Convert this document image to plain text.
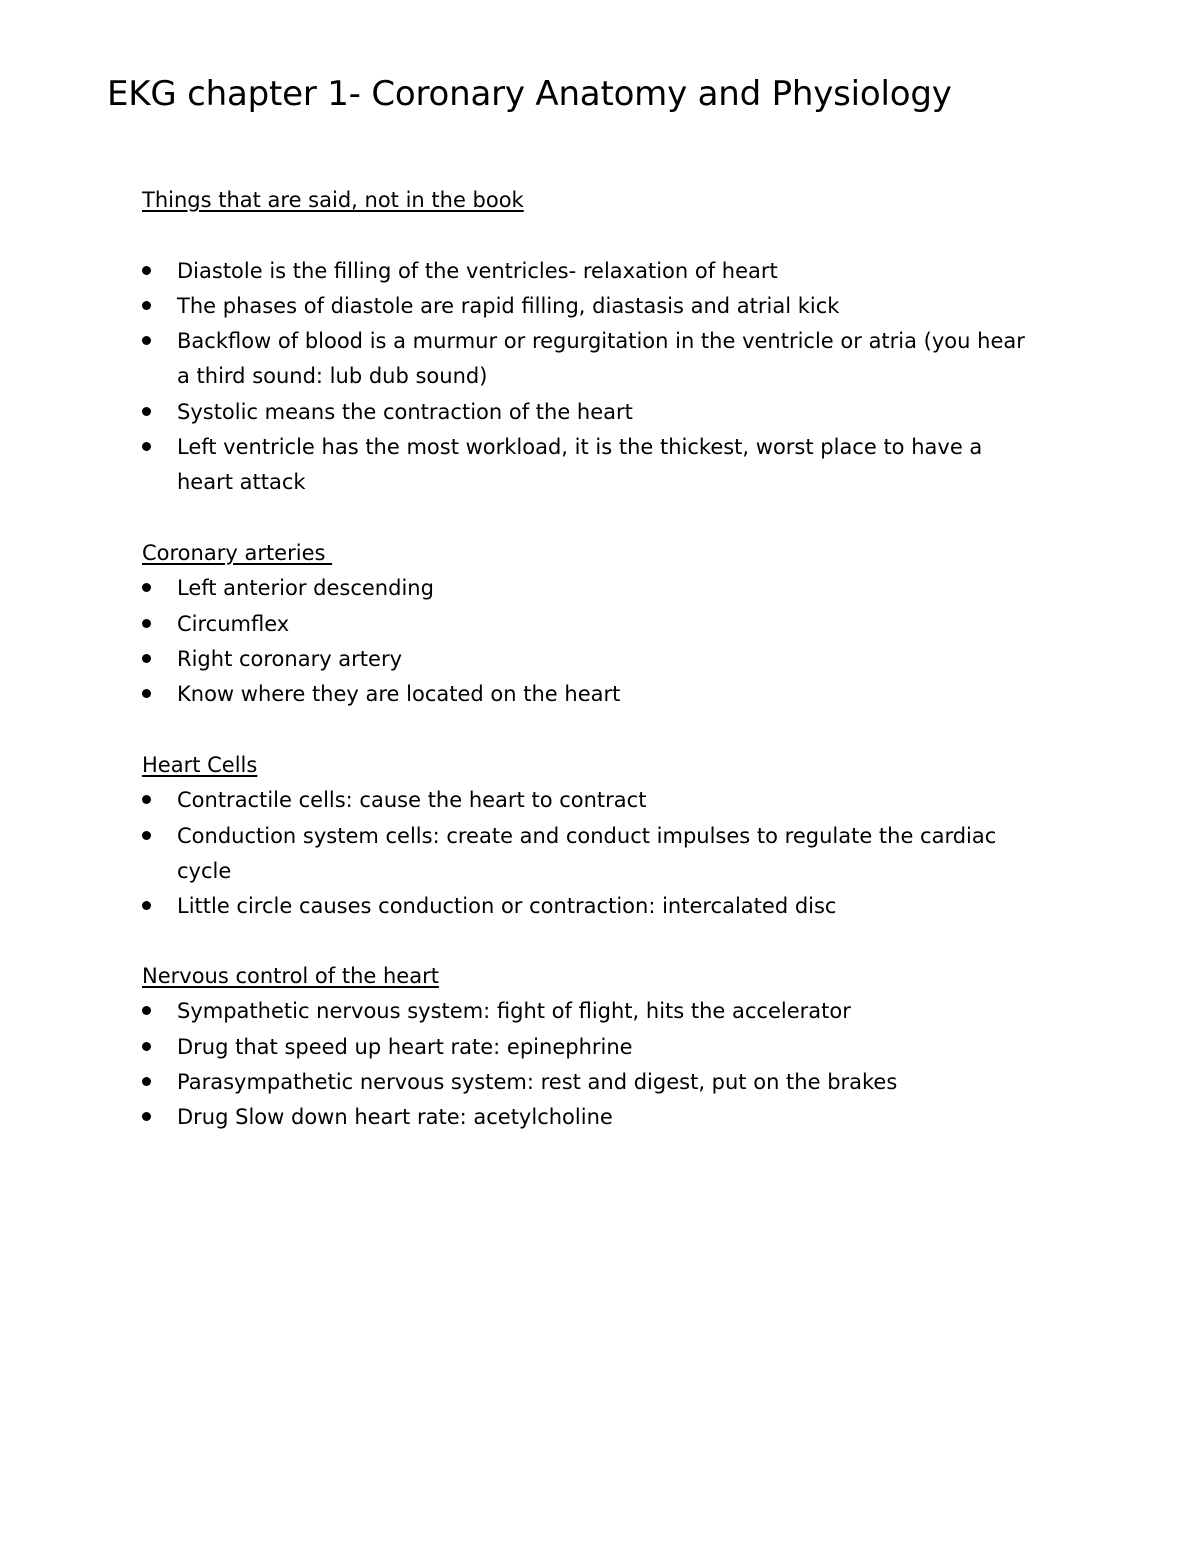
EKG chapter 1- Coronary Anatomy and Physiology
Things that are said, not in the book
Diastole is the filling of the ventricles- relaxation of heart
The phases of diastole are rapid filling, diastasis and atrial kick
Backflow of blood is a murmur or regurgitation in the ventricle or atria (you hear a third sound: lub dub sound)
Systolic means the contraction of the heart
Left ventricle has the most workload, it is the thickest, worst place to have a heart attack
Coronary arteries
Left anterior descending
Circumflex
Right coronary artery
Know where they are located on the heart
Heart Cells
Contractile cells: cause the heart to contract
Conduction system cells: create and conduct impulses to regulate the cardiac cycle
Little circle causes conduction or contraction: intercalated disc
Nervous control of the heart
Sympathetic nervous system: fight of flight, hits the accelerator
Drug that speed up heart rate: epinephrine
Parasympathetic nervous system: rest and digest, put on the brakes
Drug Slow down heart rate: acetylcholine
